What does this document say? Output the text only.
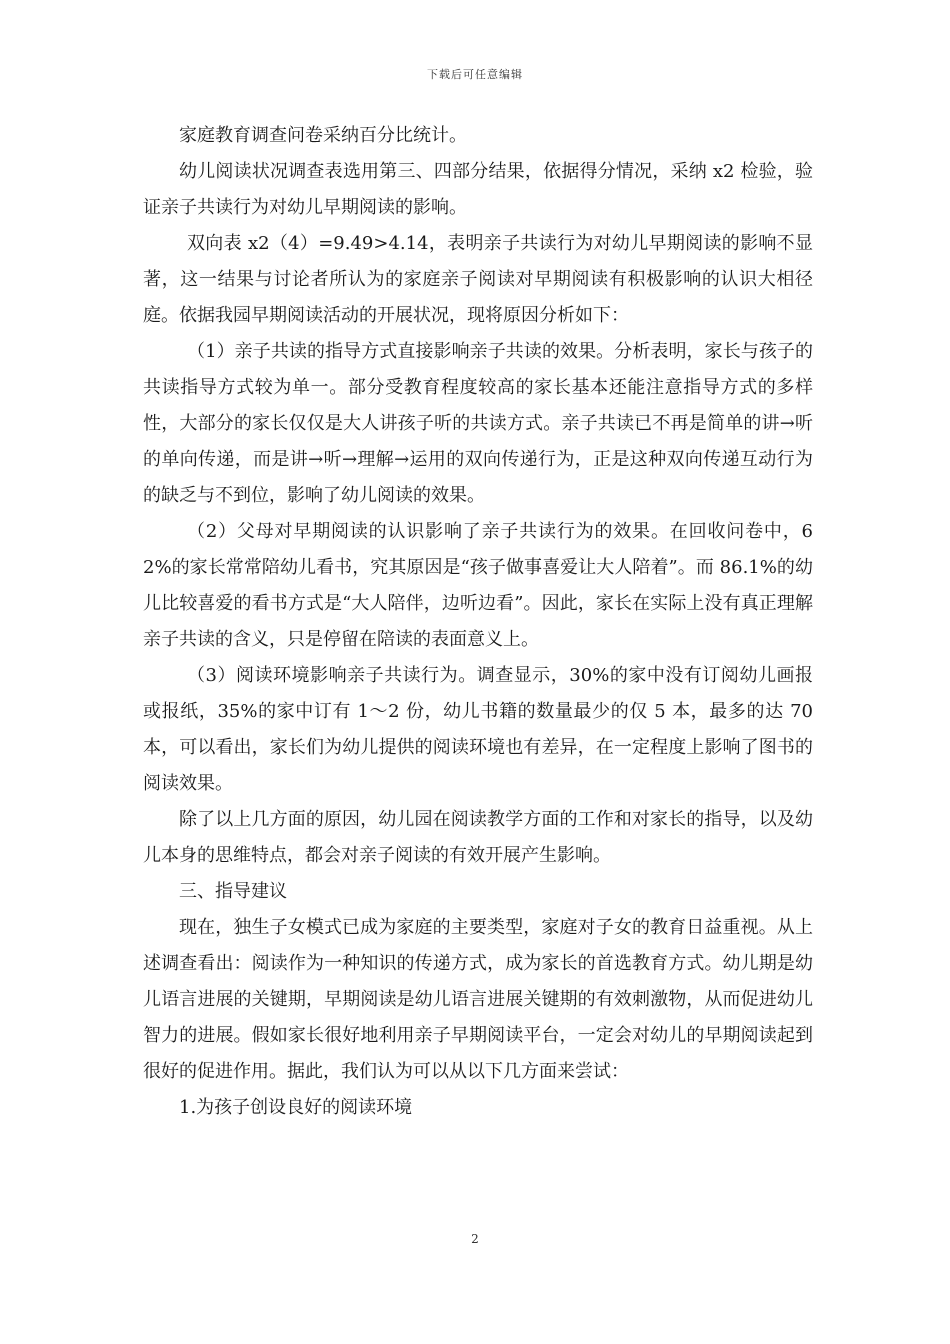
下载后可任意编辑

家庭教育调查问卷采纳百分比统计。

幼儿阅读状况调查表选用第三、四部分结果，依据得分情况，采纳 x2 检验，验证亲子共读行为对幼儿早期阅读的影响。

双向表 x2（4）=9.49>4.14，表明亲子共读行为对幼儿早期阅读的影响不显著，这一结果与讨论者所认为的家庭亲子阅读对早期阅读有积极影响的认识大相径庭。依据我园早期阅读活动的开展状况，现将原因分析如下：

（1）亲子共读的指导方式直接影响亲子共读的效果。分析表明，家长与孩子的共读指导方式较为单一。部分受教育程度较高的家长基本还能注意指导方式的多样性，大部分的家长仅仅是大人讲孩子听的共读方式。亲子共读已不再是简单的讲→听的单向传递，而是讲→听→理解→运用的双向传递行为，正是这种双向传递互动行为的缺乏与不到位，影响了幼儿阅读的效果。

（2）父母对早期阅读的认识影响了亲子共读行为的效果。在回收问卷中，62%的家长常常陪幼儿看书，究其原因是“孩子做事喜爱让大人陪着”。而 86.1%的幼儿比较喜爱的看书方式是“大人陪伴，边听边看”。因此，家长在实际上没有真正理解亲子共读的含义，只是停留在陪读的表面意义上。

（3）阅读环境影响亲子共读行为。调查显示，30%的家中没有订阅幼儿画报或报纸，35%的家中订有 1～2 份，幼儿书籍的数量最少的仅 5 本，最多的达 70 本，可以看出，家长们为幼儿提供的阅读环境也有差异，在一定程度上影响了图书的阅读效果。

除了以上几方面的原因，幼儿园在阅读教学方面的工作和对家长的指导，以及幼儿本身的思维特点，都会对亲子阅读的有效开展产生影响。

三、指导建议

现在，独生子女模式已成为家庭的主要类型，家庭对子女的教育日益重视。从上述调查看出：阅读作为一种知识的传递方式，成为家长的首选教育方式。幼儿期是幼儿语言进展的关键期，早期阅读是幼儿语言进展关键期的有效刺激物，从而促进幼儿智力的进展。假如家长很好地利用亲子早期阅读平台，一定会对幼儿的早期阅读起到很好的促进作用。据此，我们认为可以从以下几方面来尝试：

1.为孩子创设良好的阅读环境

2
